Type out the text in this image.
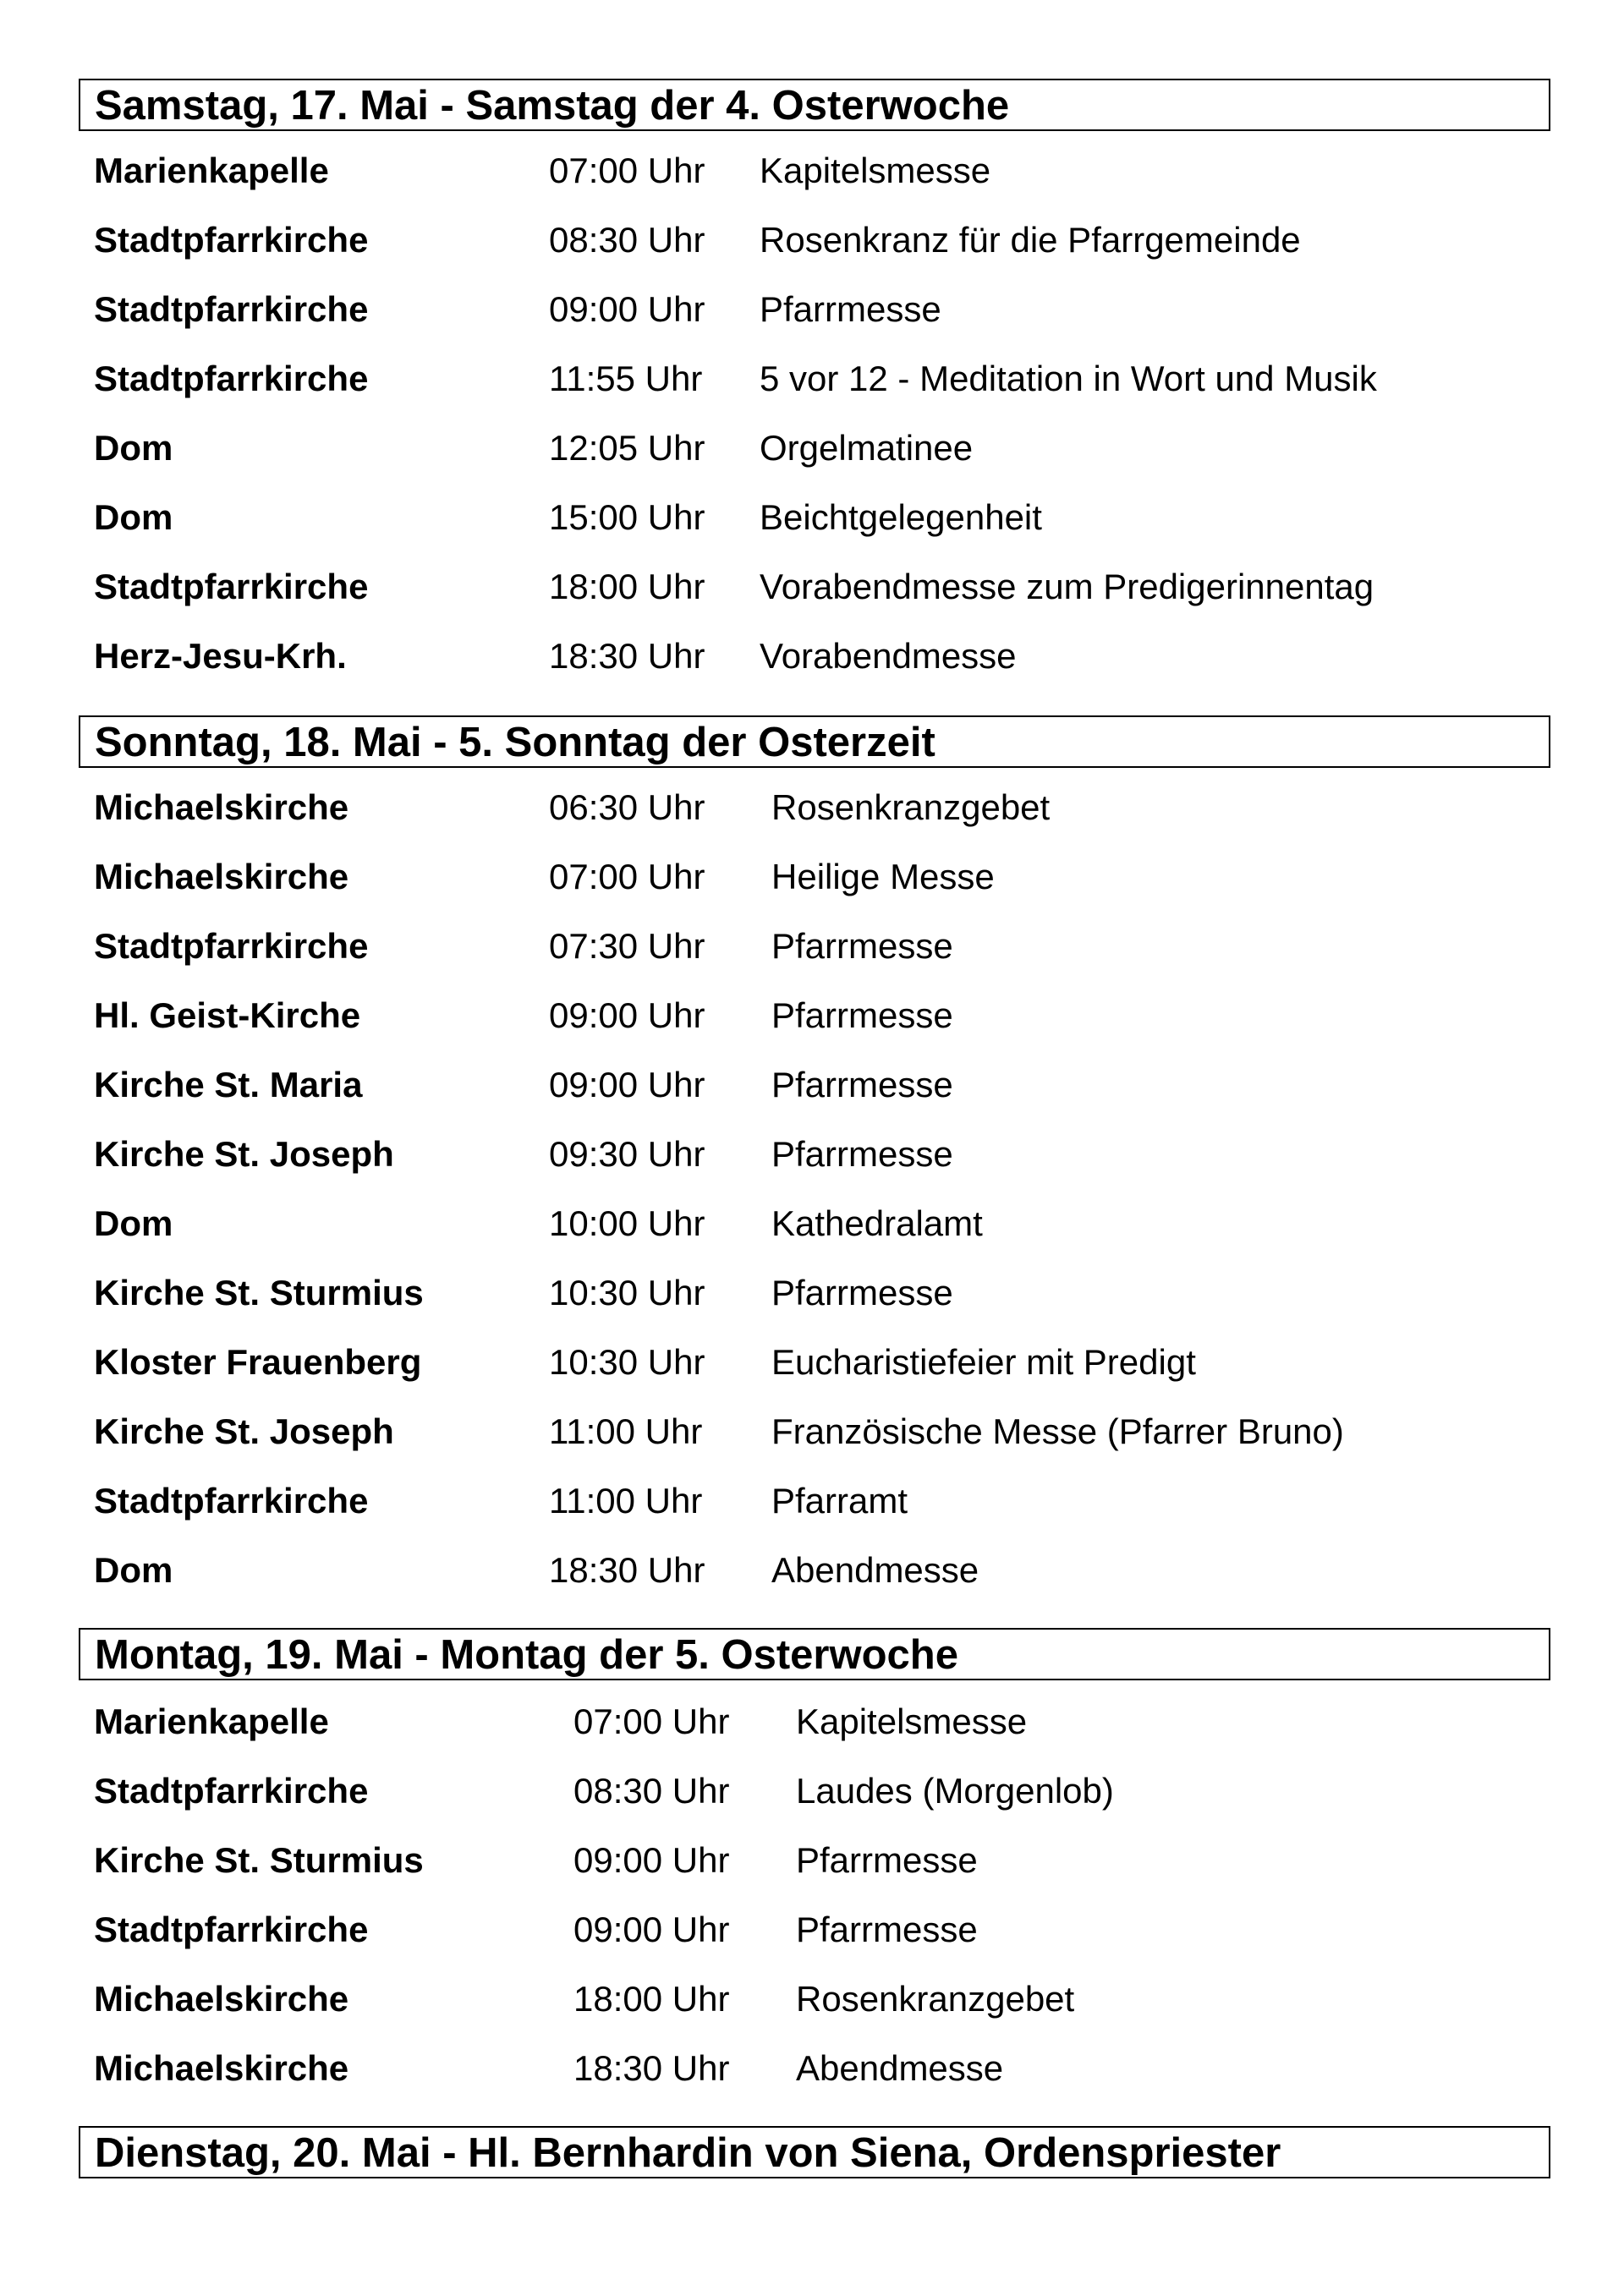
Samstag, 17. Mai - Samstag der 4. Osterwoche
Marienkapelle	07:00 Uhr Kapitelsmesse
Stadtpfarrkirche	08:30 Uhr Rosenkranz für die Pfarrgemeinde
Stadtpfarrkirche	09:00 Uhr Pfarrmesse
Stadtpfarrkirche	11:55 Uhr 5 vor 12 - Meditation in Wort und Musik
Dom	12:05 Uhr Orgelmatinee
Dom	15:00 Uhr Beichtgelegenheit
Stadtpfarrkirche	18:00 Uhr Vorabendmesse zum Predigerinnentag
Herz-Jesu-Krh.	18:30 Uhr Vorabendmesse
Sonntag, 18. Mai - 5. Sonntag der Osterzeit
Michaelskirche	06:30 Uhr Rosenkranzgebet
Michaelskirche	07:00 Uhr Heilige Messe
Stadtpfarrkirche	07:30 Uhr Pfarrmesse
Hl. Geist-Kirche	09:00 Uhr Pfarrmesse
Kirche St. Maria	09:00 Uhr Pfarrmesse
Kirche St. Joseph	09:30 Uhr Pfarrmesse
Dom	10:00 Uhr Kathedralamt
Kirche St. Sturmius	10:30 Uhr Pfarrmesse
Kloster Frauenberg	10:30 Uhr Eucharistiefeier mit Predigt
Kirche St. Joseph	11:00 Uhr Französische Messe (Pfarrer Bruno)
Stadtpfarrkirche	11:00 Uhr Pfarramt
Dom	18:30 Uhr Abendmesse
Montag, 19. Mai - Montag der 5. Osterwoche
Marienkapelle	07:00 Uhr Kapitelsmesse
Stadtpfarrkirche	08:30 Uhr Laudes (Morgenlob)
Kirche St. Sturmius	09:00 Uhr Pfarrmesse
Stadtpfarrkirche	09:00 Uhr Pfarrmesse
Michaelskirche	18:00 Uhr Rosenkranzgebet
Michaelskirche	18:30 Uhr Abendmesse
Dienstag, 20. Mai - Hl. Bernhardin von Siena, Ordenspriester
